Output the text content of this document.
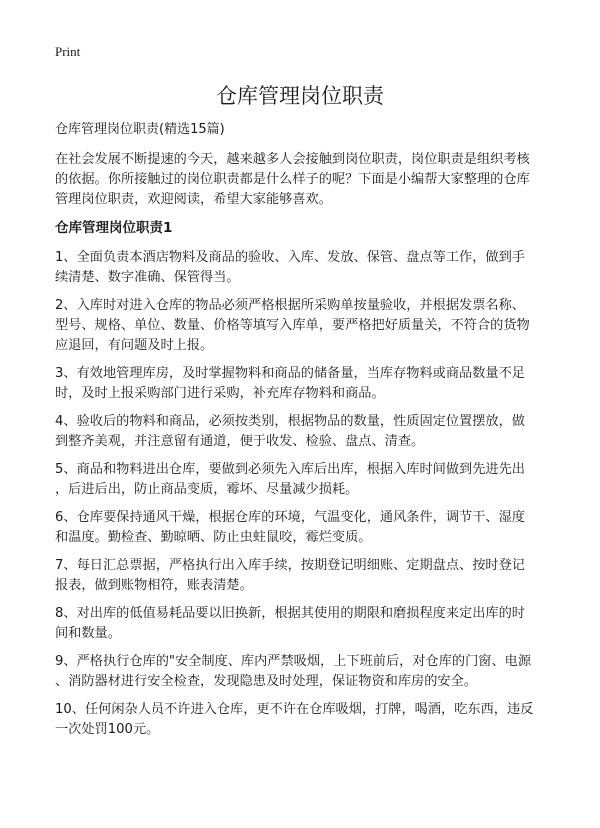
Print
仓库管理岗位职责

仓库管理岗位职责(精选15篇)

在社会发展不断提速的今天，越来越多人会接触到岗位职责，岗位职责是组织考核
的依据。你所接触过的岗位职责都是什么样子的呢？下面是小编帮大家整理的仓库
管理岗位职责，欢迎阅读，希望大家能够喜欢。

仓库管理岗位职责1

1、全面负责本酒店物料及商品的验收、入库、发放、保管、盘点等工作，做到手
续清楚、数字准确、保管得当。

2、入库时对进入仓库的物品必须严格根据所采购单按量验收，并根据发票名称、
型号、规格、单位、数量、价格等填写入库单，要严格把好质量关，不符合的货物
应退回，有问题及时上报。

3、有效地管理库房，及时掌握物料和商品的储备量，当库存物料或商品数量不足
时，及时上报采购部门进行采购，补充库存物料和商品。

4、验收后的物料和商品，必须按类别，根据物品的数量，性质固定位置摆放，做
到整齐美观，并注意留有通道，便于收发、检验、盘点、清查。

5、商品和物料进出仓库，要做到必须先入库后出库，根据入库时间做到先进先出
，后进后出，防止商品变质，霉坏、尽量减少损耗。

6、仓库要保持通风干燥，根据仓库的环境，气温变化，通风条件，调节干、湿度
和温度。勤检查、勤晾晒、防止虫蛀鼠咬，霉烂变质。

7、每日汇总票据，严格执行出入库手续，按期登记明细账、定期盘点、按时登记
报表，做到账物相符，账表清楚。

8、对出库的低值易耗品要以旧换新，根据其使用的期限和磨损程度来定出库的时
间和数量。

9、严格执行仓库的"安全制度、库内严禁吸烟，上下班前后，对仓库的门窗、电源
、消防器材进行安全检查，发现隐患及时处理，保证物资和库房的安全。

10、任何闲杂人员不许进入仓库，更不许在仓库吸烟，打牌，喝酒，吃东西，违反
一次处罚100元。
